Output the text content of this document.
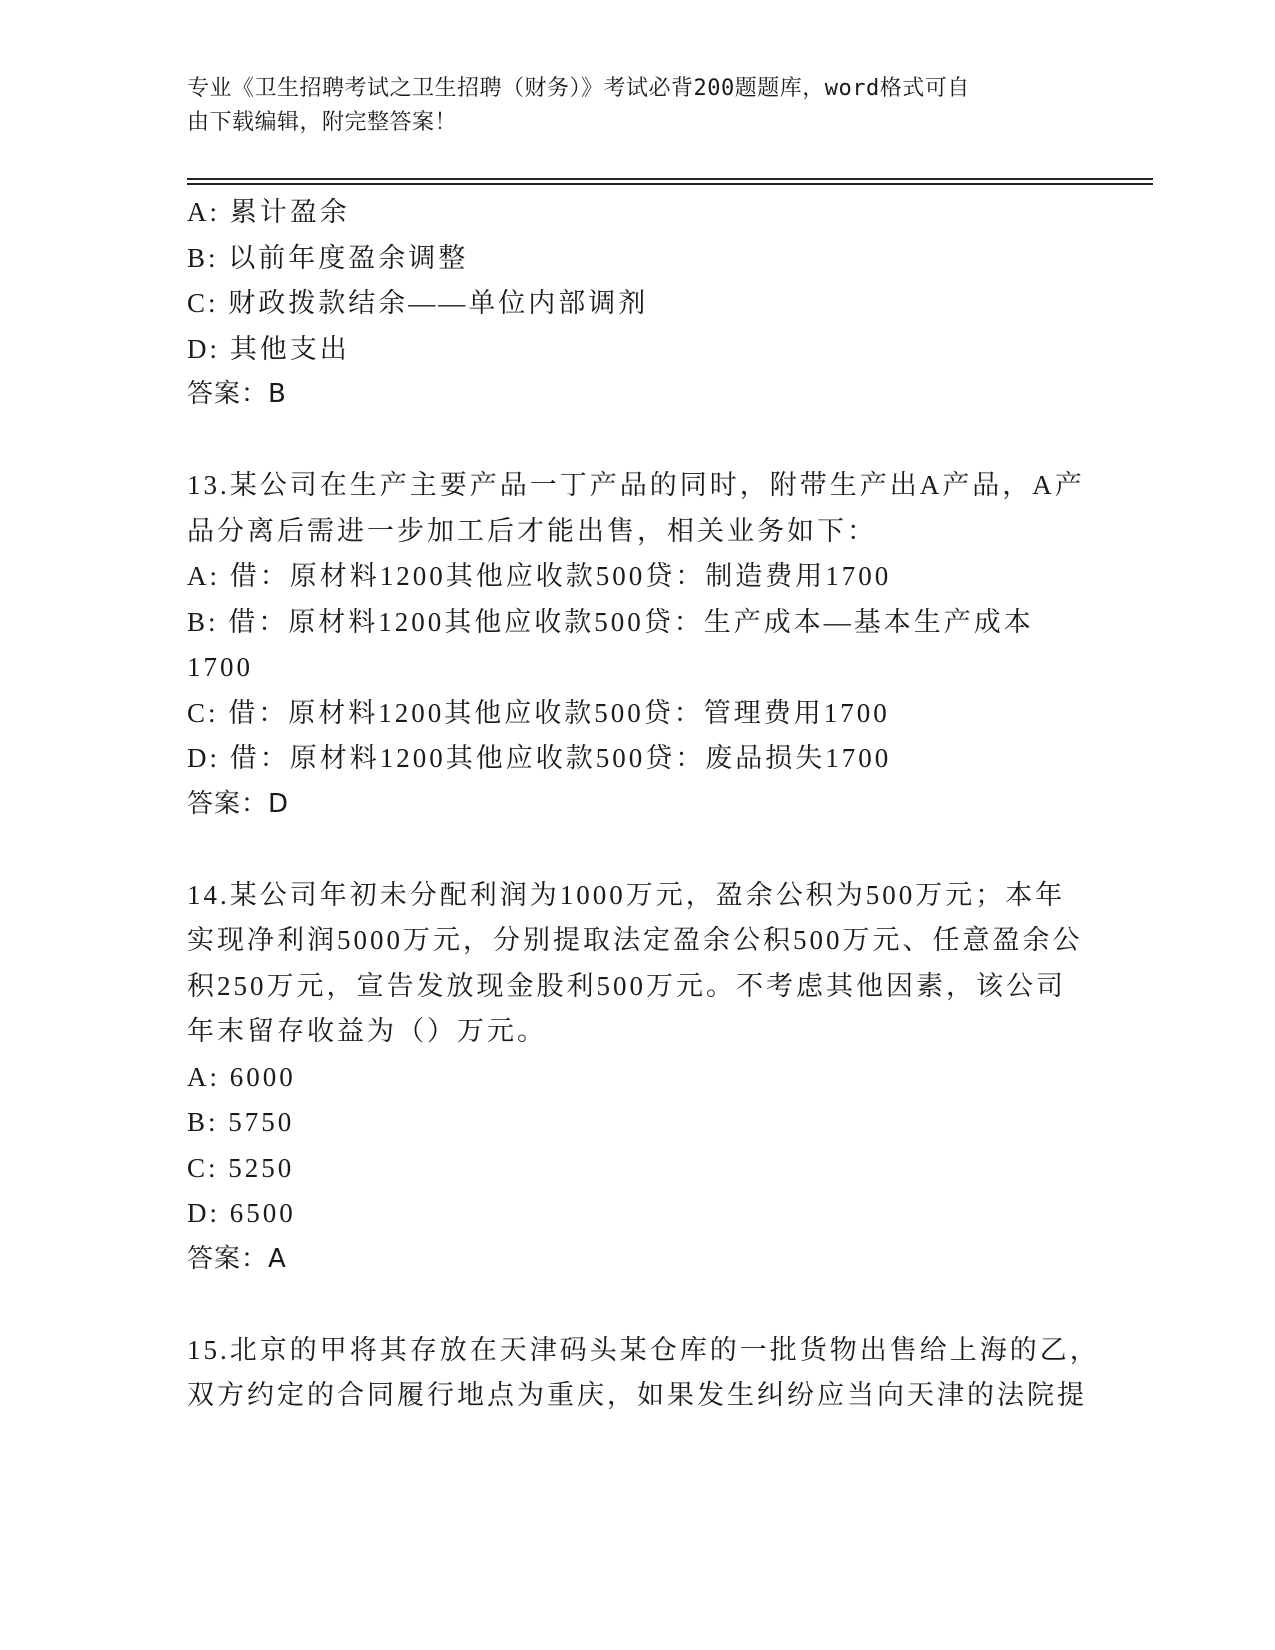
专业《卫生招聘考试之卫生招聘（财务）》考试必背200题题库，word格式可自
由下载编辑，附完整答案！
A: 累计盈余
B: 以前年度盈余调整
C: 财政拨款结余——单位内部调剂
D: 其他支出
答案：B
13.某公司在生产主要产品一丁产品的同时，附带生产出A产品，A产
品分离后需进一步加工后才能出售，相关业务如下：
A: 借：原材料1200其他应收款500贷：制造费用1700
B: 借：原材料1200其他应收款500贷：生产成本—基本生产成本
1700
C: 借：原材料1200其他应收款500贷：管理费用1700
D: 借：原材料1200其他应收款500贷：废品损失1700
答案：D
14.某公司年初未分配利润为1000万元，盈余公积为500万元；本年
实现净利润5000万元，分别提取法定盈余公积500万元、任意盈余公
积250万元，宣告发放现金股利500万元。不考虑其他因素，该公司
年末留存收益为（）万元。
A: 6000
B: 5750
C: 5250
D: 6500
答案：A
15.北京的甲将其存放在天津码头某仓库的一批货物出售给上海的乙，
双方约定的合同履行地点为重庆，如果发生纠纷应当向天津的法院提
